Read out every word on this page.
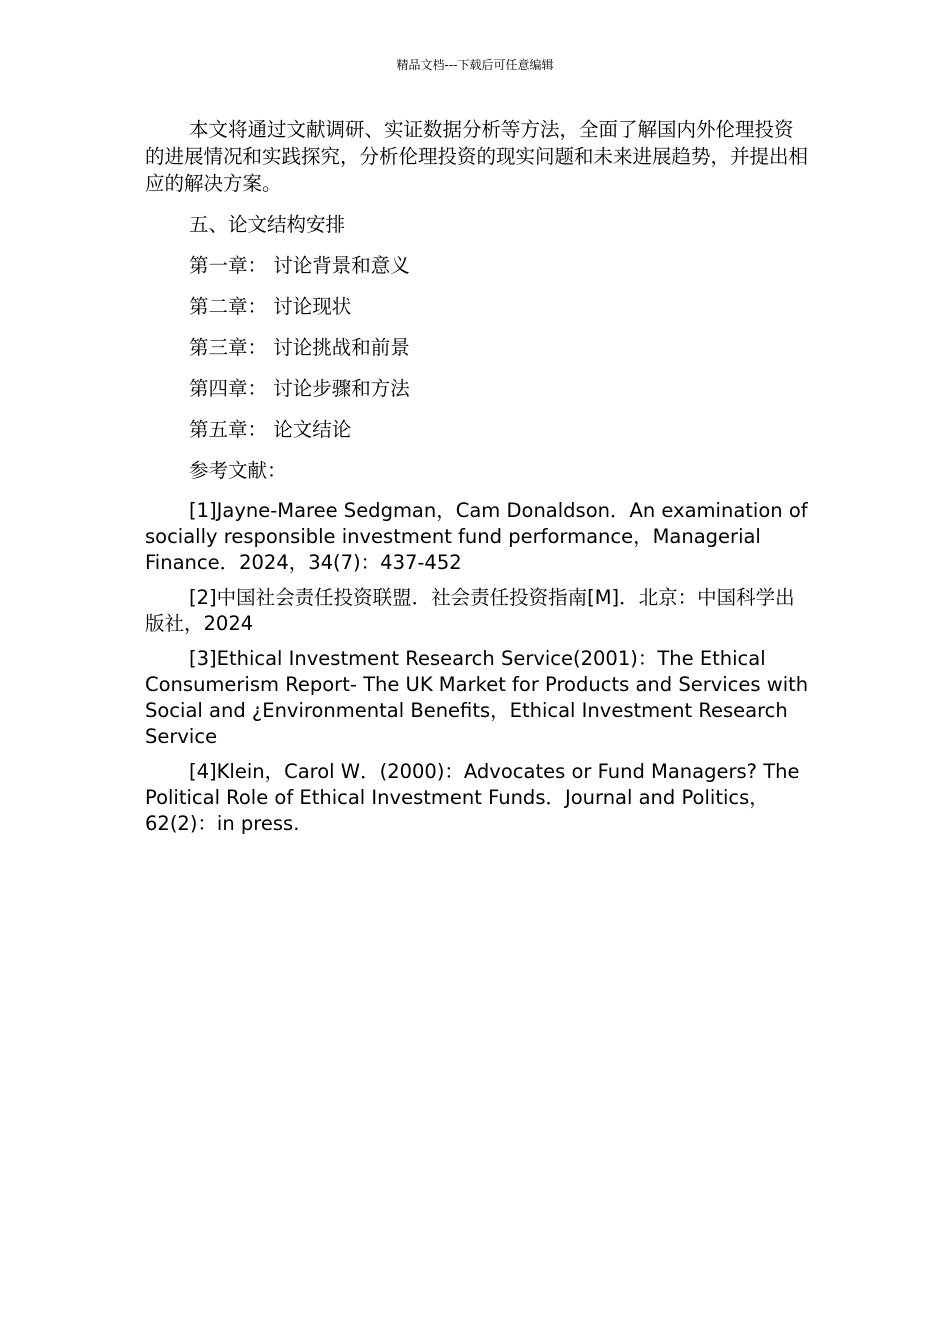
精品文档---下载后可任意编辑

本文将通过文献调研、实证数据分析等方法，全面了解国内外伦理投资的进展情况和实践探究，分析伦理投资的现实问题和未来进展趋势，并提出相应的解决方案。

五、论文结构安排

第一章： 讨论背景和意义

第二章： 讨论现状

第三章： 讨论挑战和前景

第四章： 讨论步骤和方法

第五章： 论文结论

参考文献：

[1]Jayne-Maree Sedgman，Cam Donaldson．An examination of socially responsible investment fund performance，Managerial Finance．2024，34(7)：437-452

[2]中国社会责任投资联盟．社会责任投资指南[M]．北京：中国科学出版社，2024

[3]Ethical Investment Research Service(2001)：The Ethical Consumerism Report- The UK Market for Products and Services with Social and ¿Environmental Benefits，Ethical Investment Research Service

[4]Klein，Carol W．(2000)：Advocates or Fund Managers? The Political Role of Ethical Investment Funds．Journal and Politics，62(2)：in press.
